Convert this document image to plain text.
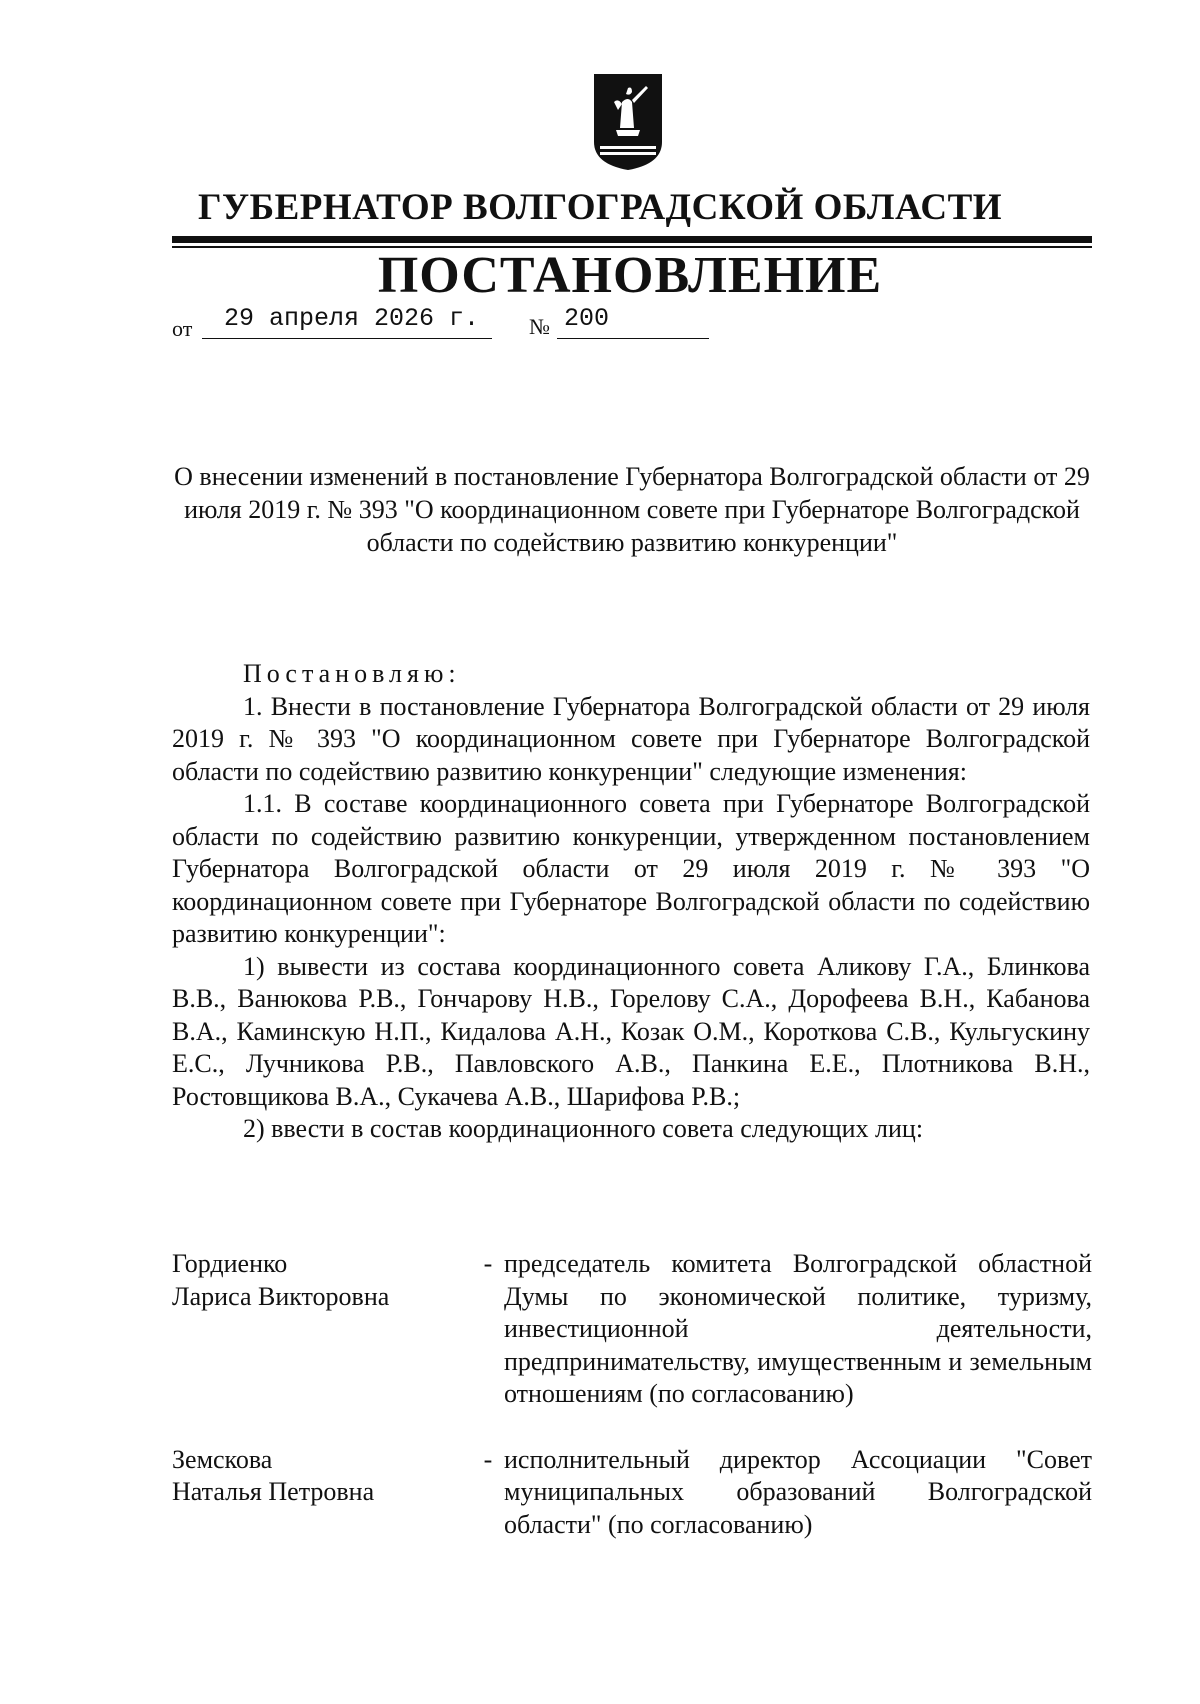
ГУБЕРНАТОР ВОЛГОГРАДСКОЙ ОБЛАСТИ
ПОСТАНОВЛЕНИЕ
от 29 апреля 2026 г. № 200

О внесении изменений в постановление Губернатора Волгоградской области от 29 июля 2019 г. № 393 "О координационном совете при Губернаторе Волгоградской области по содействию развитию конкуренции"

Постановляю:

1. Внести в постановление Губернатора Волгоградской области от 29 июля 2019 г. № 393 "О координационном совете при Губернаторе Волгоградской области по содействию развитию конкуренции" следующие изменения:

1.1. В составе координационного совета при Губернаторе Волгоградской области по содействию развитию конкуренции, утвержденном постановлением Губернатора Волгоградской области от 29 июля 2019 г. № 393 "О координационном совете при Губернаторе Волгоградской области по содействию развитию конкуренции":

1) вывести из состава координационного совета Аликову Г.А., Блинкова В.В., Ванюкова Р.В., Гончарову Н.В., Горелову С.А., Дорофеева В.Н., Кабанова В.А., Каминскую Н.П., Кидалова А.Н., Козак О.М., Короткова С.В., Кульгускину Е.С., Лучникова Р.В., Павловского А.В., Панкина Е.Е., Плотникова В.Н., Ростовщикова В.А., Сукачева А.В., Шарифова Р.В.;

2) ввести в состав координационного совета следующих лиц:

Гордиенко
Лариса Викторовна
- председатель комитета Волгоградской областной Думы по экономической политике, туризму, инвестиционной деятельности, предпринимательству, имущественным и земельным отношениям (по согласованию)
Земскова
Наталья Петровна
- исполнительный директор Ассоциации "Совет муниципальных образований Волгоградской области" (по согласованию)
